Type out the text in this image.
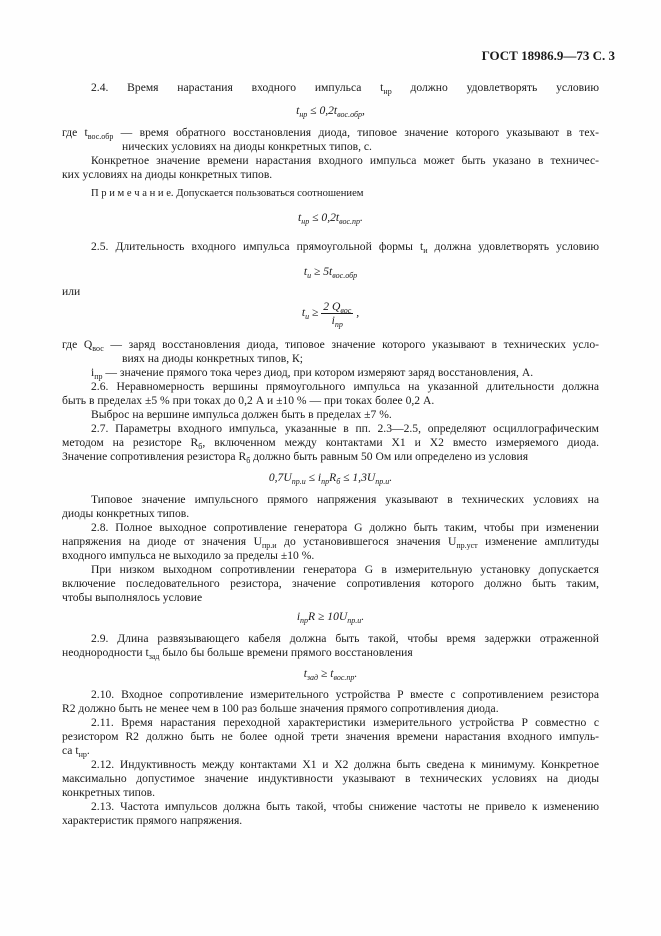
ГОСТ 18986.9—73 С. 3
2.4. Время нарастания входного импульса $t_{нр}$ должно удовлетворять условию
$t_{нр} \le 0,2t_{вос.обр}$,
где $t_{вос.обр}$ — время обратного восстановления диода, типовое значение которого указывают в тех-
нических условиях на диоды конкретных типов, с.
Конкретное значение времени нарастания входного импульса может быть указано в техничес-
ких условиях на диоды конкретных типов.
П р и м е ч а н и е. Допускается пользоваться соотношением
$t_{нр} \le 0,2t_{вос.пр}$.
2.5. Длительность входного импульса прямоугольной формы $t_и$ должна удовлетворять условию
$t_и \ge 5t_{вос.обр}$
или
$t_и \ge \frac{2 Q_{вос}}{i_{пр}}$ ,
где $Q_{вос}$ — заряд восстановления диода, типовое значение которого указывают в технических усло-
виях на диоды конкретных типов, К;
$i_{пр}$ — значение прямого тока через диод, при котором измеряют заряд восстановления, А.
2.6. Неравномерность вершины прямоугольного импульса на указанной длительности должна
быть в пределах ±5 % при токах до 0,2 А и ±10 % — при токах более 0,2 А.
Выброс на вершине импульса должен быть в пределах ±7 %.
2.7. Параметры входного импульса, указанные в пп. 2.3—2.5, определяют осциллографическим
методом на резисторе $R_б$, включенном между контактами X1 и X2 вместо измеряемого диода.
Значение сопротивления резистора $R_б$ должно быть равным 50 Ом или определено из условия
$0,7U_{пр.и} \le i_{пр}R_б \le 1,3U_{пр.и}$.
Типовое значение импульсного прямого напряжения указывают в технических условиях на
диоды конкретных типов.
2.8. Полное выходное сопротивление генератора G должно быть таким, чтобы при изменении
напряжения на диоде от значения $U_{пр.и}$ до установившегося значения $U_{пр.уст}$ изменение амплитуды
входного импульса не выходило за пределы ±10 %.
При низком выходном сопротивлении генератора G в измерительную установку допускается
включение последовательного резистора, значение сопротивления которого должно быть таким,
чтобы выполнялось условие
$i_{пр}R \ge 10U_{пр.и}$.
2.9. Длина развязывающего кабеля должна быть такой, чтобы время задержки отраженной
неоднородности $t_{зад}$ было бы больше времени прямого восстановления
$t_{зад} \ge t_{вос.пр}$.
2.10. Входное сопротивление измерительного устройства P вместе с сопротивлением резистора
R2 должно быть не менее чем в 100 раз больше значения прямого сопротивления диода.
2.11. Время нарастания переходной характеристики измерительного устройства P совместно с
резистором R2 должно быть не более одной трети значения времени нарастания входного импуль-
са $t_{нр}$.
2.12. Индуктивность между контактами X1 и X2 должна быть сведена к минимуму. Конкретное
максимально допустимое значение индуктивности указывают в технических условиях на диоды
конкретных типов.
2.13. Частота импульсов должна быть такой, чтобы снижение частоты не привело к изменению
характеристик прямого напряжения.
